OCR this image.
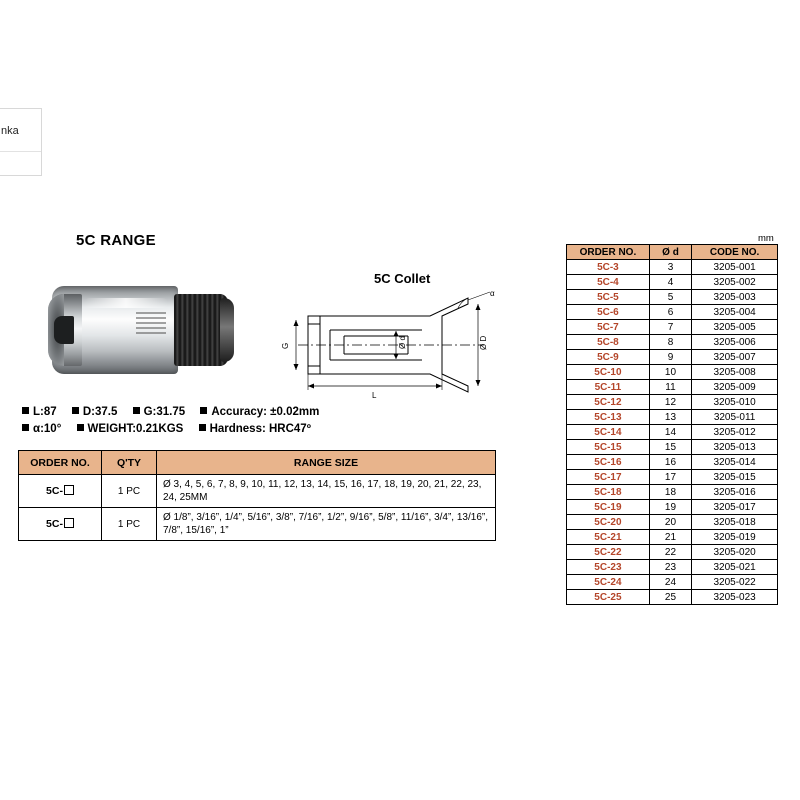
nka
5C RANGE
5C Collet
α
G	Ø d	Ø D
L
L:87 D:37.5 G:31.75 Accuracy: ±0.02mm
α:10° WEIGHT:0.21KGS Hardness: HRC47º
ORDER NO.	Q'TY	RANGE SIZE
5C-	1 PC	Ø 3, 4, 5, 6, 7, 8, 9, 10, 11, 12, 13, 14, 15, 16, 17, 18, 19, 20, 21, 22, 23, 24, 25MM
5C-	1 PC	Ø 1/8”, 3/16”, 1/4”, 5/16”, 3/8”, 7/16”, 1/2”, 9/16”, 5/8”, 11/16”, 3/4”, 13/16”, 7/8”, 15/16”, 1”
mm
ORDER NO.	Ø d	CODE NO.
5C-3	3	3205-001
5C-4	4	3205-002
5C-5	5	3205-003
5C-6	6	3205-004
5C-7	7	3205-005
5C-8	8	3205-006
5C-9	9	3205-007
5C-10	10	3205-008
5C-11	11	3205-009
5C-12	12	3205-010
5C-13	13	3205-011
5C-14	14	3205-012
5C-15	15	3205-013
5C-16	16	3205-014
5C-17	17	3205-015
5C-18	18	3205-016
5C-19	19	3205-017
5C-20	20	3205-018
5C-21	21	3205-019
5C-22	22	3205-020
5C-23	23	3205-021
5C-24	24	3205-022
5C-25	25	3205-023
